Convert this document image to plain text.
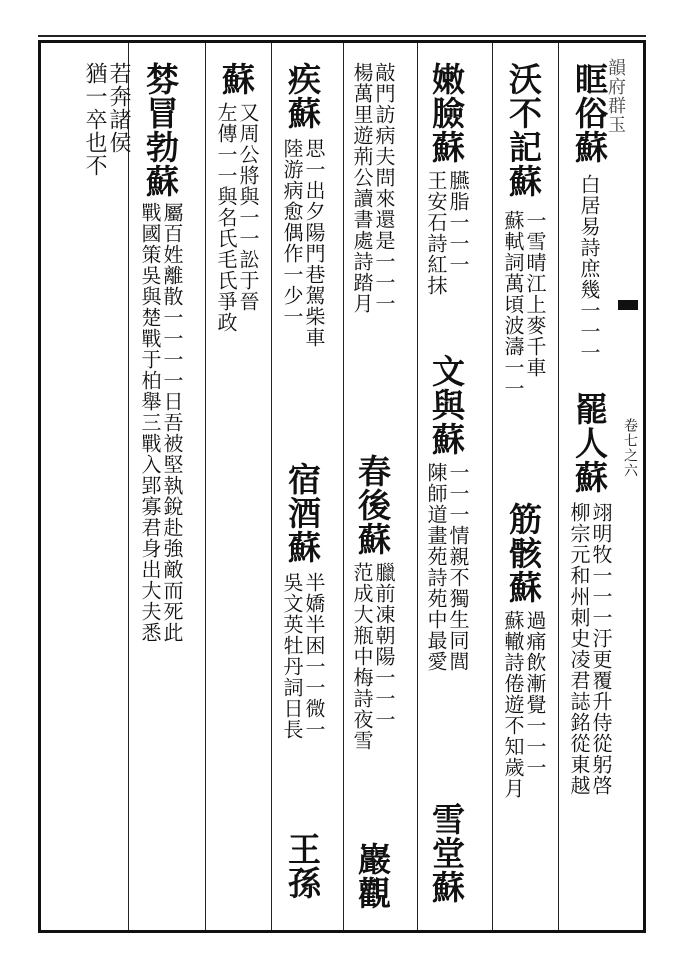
韻府群玉
卷七之六
眶俗蘇
白居易詩庶幾一一一
罷人蘇
柳宗元和州刺史凌君誌銘從東越
翊明牧一一一汙更覆升侍從躬啓
沃不記蘇
蘇軾詞萬頃波濤一一
一雪晴江上麥千車
筋骸蘇
蘇轍詩倦遊不知歲月
過痛飲漸覺一一一
嫩臉蘇
王安石詩紅抹
臙脂一一一
文與蘇
陳師道畫苑詩苑中最愛
一一一情親不獨生同閭
雪堂蘇
楊萬里遊荊公讀書處詩踏月
敲門訪病夫問來還是一一一
春後蘇
范成大瓶中梅詩夜雪
臘前凍朝陽一一一
巖觀
疾蘇
陸游病愈偶作一少一
思一出夕陽門巷駕柴車
宿酒蘇
吳文英牡丹詞日長
半嬌半困一一微一
王孫
蘇
左傳一一與名氏毛氏爭政
又周公將與一一訟于晉
棼冒勃蘇
戰國策吳與楚戰于柏舉三戰入郢寡君身出大夫悉
屬百姓離散一一一一日吾被堅執銳赴強敵而死此
猶一卒也不 若奔諸侯
